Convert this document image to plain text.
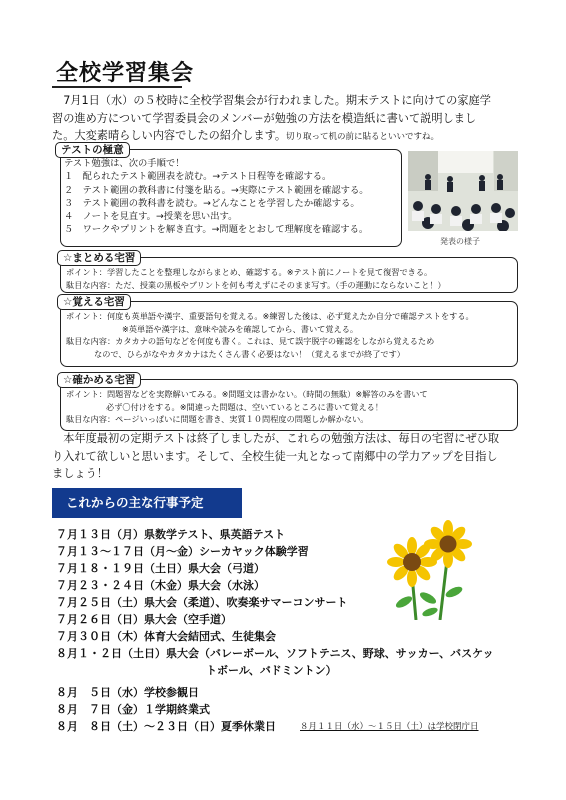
全校学習集会
　7月1日（水）の５校時に全校学習集会が行われました。期末テストに向けての家庭学
習の進め方について学習委員会のメンバーが勉強の方法を模造紙に書いて説明しまし
た。大変素晴らしい内容でしたの紹介します。切り取って机の前に貼るといいですね。
テストの極意
テスト勉強は、次の手順で！
１　配られたテスト範囲表を読む。→テスト日程等を確認する。
２　テスト範囲の教科書に付箋を貼る。→実際にテスト範囲を確認する。
３　テスト範囲の教科書を読む。→どんなことを学習したか確認する。
４　ノートを見直す。→授業を思い出す。
５　ワークやプリントを解き直す。→問題をとおして理解度を確認する。
発表の様子
☆まとめる宅習
ポイント：学習したことを整理しながらまとめ、確認する。※テスト前にノートを見て復習できる。
駄目な内容：ただ、授業の黒板やプリントを何も考えずにそのまま写す。（手の運動にならないこと！）
☆覚える宅習
ポイント：何度も英単語や漢字、重要語句を覚える。※練習した後は、必ず覚えたか自分で確認テストをする。
※英単語や漢字は、意味や読みを確認してから、書いて覚える。
駄目な内容：カタカナの語句などを何度も書く。これは、見て誤字脱字の確認をしながら覚えるため
なので、ひらがなやカタカナはたくさん書く必要はない！（覚えるまでが終了です）
☆確かめる宅習
ポイント：問題習などを実際解いてみる。※問題文は書かない。（時間の無駄）※解答のみを書いて
必ず〇付けをする。※間違った問題は、空いているところに書いて覚える！
駄目な内容：ページいっぱいに問題を書き、実質１０問程度の問題しか解かない。
　本年度最初の定期テストは終了しましたが、これらの勉強方法は、毎日の宅習にぜひ取
り入れて欲しいと思います。そして、全校生徒一丸となって南郷中の学力アップを目指し
ましょう！
これからの主な行事予定
７月１３日（月）県数学テスト、県英語テスト
７月１３～１７日（月～金）シーカヤック体験学習
７月１８・１９日（土日）県大会（弓道）
７月２３・２４日（木金）県大会（水泳）
７月２５日（土）県大会（柔道）、吹奏楽サマーコンサート
７月２６日（日）県大会（空手道）
７月３０日（木）体育大会結団式、生徒集会
８月１・２日（土日）県大会（バレーボール、ソフトテニス、野球、サッカー、バスケッ
トボール、バドミントン）
８月　５日（水）学校参観日
８月　７日（金）１学期終業式
８月　８日（土）～２３日（日）夏季休業日	８月１１日（水）～１５日（土）は学校閉庁日
